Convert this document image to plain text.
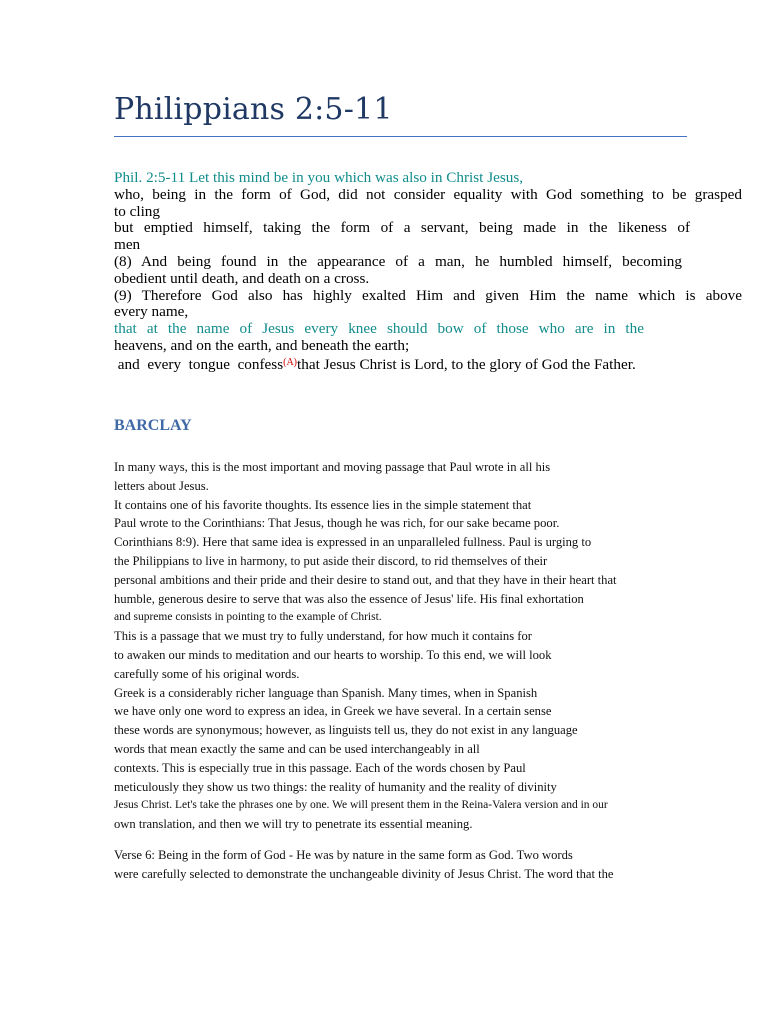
Philippians 2:5-11
Phil. 2:5-11 Let this mind be in you which was also in Christ Jesus,
who, being in the form of God, did not consider equality with God something to be grasped
to cling
but emptied himself, taking the form of a servant, being made in the likeness of
men
(8) And being found in the appearance of a man, he humbled himself, becoming
obedient until death, and death on a cross.
(9) Therefore God also has highly exalted Him and given Him the name which is above
every name,
that at the name of Jesus every knee should bow of those who are in the
heavens, and on the earth, and beneath the earth;
and  every  tongue  confess$^{(A)}$that Jesus Christ is Lord, to the glory of God the Father.
BARCLAY
In many ways, this is the most important and moving passage that Paul wrote in all his
letters about Jesus.
It contains one of his favorite thoughts. Its essence lies in the simple statement that
Paul wrote to the Corinthians: That Jesus, though he was rich, for our sake became poor.
Corinthians 8:9). Here that same idea is expressed in an unparalleled fullness. Paul is urging to
the Philippians to live in harmony, to put aside their discord, to rid themselves of their
personal ambitions and their pride and their desire to stand out, and that they have in their heart that
humble, generous desire to serve that was also the essence of Jesus' life. His final exhortation
and supreme consists in pointing to the example of Christ.
This is a passage that we must try to fully understand, for how much it contains for
to awaken our minds to meditation and our hearts to worship. To this end, we will look
carefully some of his original words.
Greek is a considerably richer language than Spanish. Many times, when in Spanish
we have only one word to express an idea, in Greek we have several. In a certain sense
these words are synonymous; however, as linguists tell us, they do not exist in any language
words that mean exactly the same and can be used interchangeably in all
contexts. This is especially true in this passage. Each of the words chosen by Paul
meticulously they show us two things: the reality of humanity and the reality of divinity
Jesus Christ. Let's take the phrases one by one. We will present them in the Reina-Valera version and in our
own translation, and then we will try to penetrate its essential meaning.
Verse 6: Being in the form of God - He was by nature in the same form as God. Two words
were carefully selected to demonstrate the unchangeable divinity of Jesus Christ. The word that the
